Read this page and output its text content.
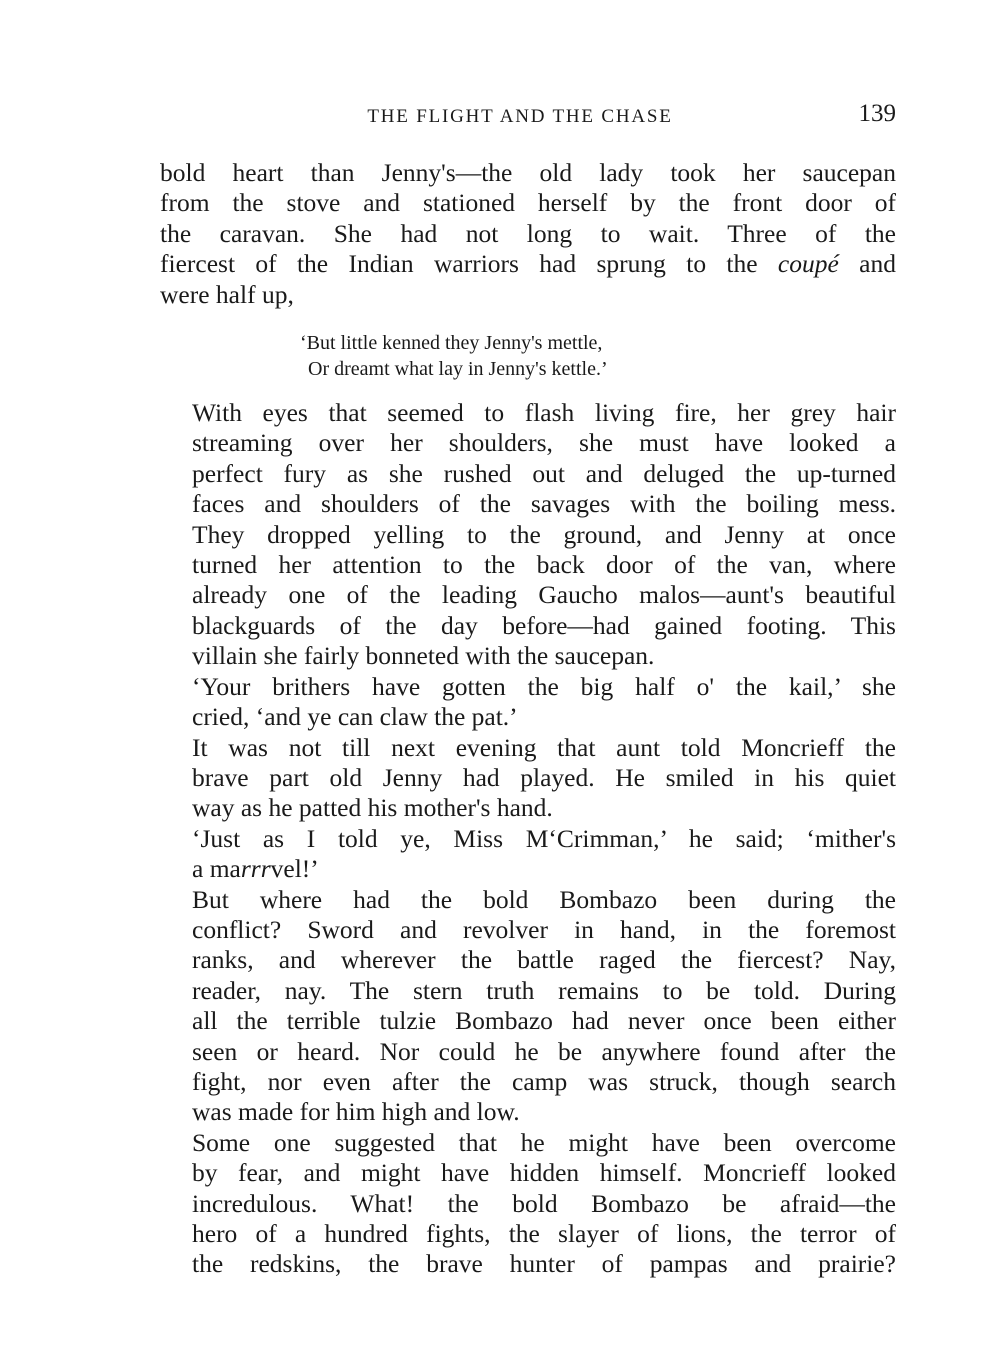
THE FLIGHT AND THE CHASE	139

bold heart than Jenny's—the old lady took her saucepan
from the stove and stationed herself by the front door of
the caravan. She had not long to wait. Three of the
fiercest of the Indian warriors had sprung to the coupé and
were half up,

‘But little kenned they Jenny's mettle,
Or dreamt what lay in Jenny's kettle.’

With eyes that seemed to flash living fire, her grey hair
streaming over her shoulders, she must have looked a
perfect fury as she rushed out and deluged the up-turned
faces and shoulders of the savages with the boiling mess.
They dropped yelling to the ground, and Jenny at once
turned her attention to the back door of the van, where
already one of the leading Gaucho malos—aunt's beautiful
blackguards of the day before—had gained footing. This
villain she fairly bonneted with the saucepan.

‘Your brithers have gotten the big half o' the kail,’ she
cried, ‘and ye can claw the pat.’

It was not till next evening that aunt told Moncrieff the
brave part old Jenny had played. He smiled in his quiet
way as he patted his mother's hand.

‘Just as I told ye, Miss M‘Crimman,’ he said; ‘mither's
a marrrvel!’

But where had the bold Bombazo been during the
conflict? Sword and revolver in hand, in the foremost
ranks, and wherever the battle raged the fiercest? Nay,
reader, nay. The stern truth remains to be told. During
all the terrible tulzie Bombazo had never once been either
seen or heard. Nor could he be anywhere found after the
fight, nor even after the camp was struck, though search
was made for him high and low.

Some one suggested that he might have been overcome
by fear, and might have hidden himself. Moncrieff looked
incredulous. What! the bold Bombazo be afraid—the
hero of a hundred fights, the slayer of lions, the terror of
the redskins, the brave hunter of pampas and prairie?
